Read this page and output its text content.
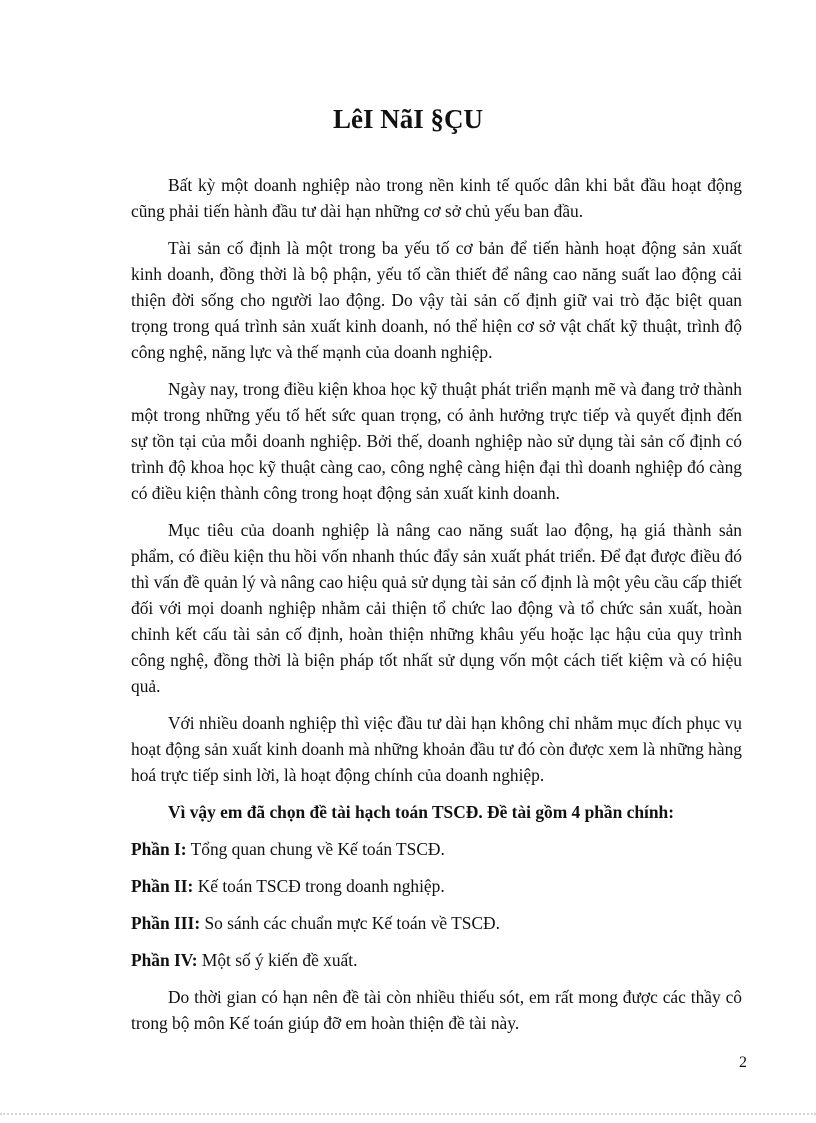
LêI NãI §ÇU

Bất kỳ một doanh nghiệp nào trong nền kinh tế quốc dân khi bắt đầu hoạt động cũng phải tiến hành đầu tư dài hạn những cơ sở chủ yếu ban đầu.

Tài sản cố định là một trong ba yếu tố cơ bản để tiến hành hoạt động sản xuất kinh doanh, đồng thời là bộ phận, yếu tố cần thiết để nâng cao năng suất lao động cải thiện đời sống cho người lao động. Do vậy tài sản cố định giữ vai trò đặc biệt quan trọng trong quá trình sản xuất kinh doanh, nó thể hiện cơ sở vật chất kỹ thuật, trình độ công nghệ, năng lực và thế mạnh của doanh nghiệp.

Ngày nay, trong điều kiện khoa học kỹ thuật phát triển mạnh mẽ và đang trở thành một trong những yếu tố hết sức quan trọng, có ảnh hưởng trực tiếp và quyết định đến sự tồn tại của mỗi doanh nghiệp. Bởi thế, doanh nghiệp nào sử dụng tài sản cố định có trình độ khoa học kỹ thuật càng cao, công nghệ càng hiện đại thì doanh nghiệp đó càng có điều kiện thành công trong hoạt động sản xuất kinh doanh.

Mục tiêu của doanh nghiệp là nâng cao năng suất lao động, hạ giá thành sản phẩm, có điều kiện thu hồi vốn nhanh thúc đẩy sản xuất phát triển. Để đạt được điều đó thì vấn đề quản lý và nâng cao hiệu quả sử dụng tài sản cố định là một yêu cầu cấp thiết đối với mọi doanh nghiệp nhằm cải thiện tổ chức lao động và tổ chức sản xuất, hoàn chỉnh kết cấu tài sản cố định, hoàn thiện những khâu yếu hoặc lạc hậu của quy trình công nghệ, đồng thời là biện pháp tốt nhất sử dụng vốn một cách tiết kiệm và có hiệu quả.

Với nhiều doanh nghiệp thì việc đầu tư dài hạn không chỉ nhằm mục đích phục vụ hoạt động sản xuất kinh doanh mà những khoản đầu tư đó còn được xem là những hàng hoá trực tiếp sinh lời, là hoạt động chính của doanh nghiệp.

Vì vậy em đã chọn đề tài hạch toán TSCĐ. Đề tài gồm 4 phần chính:

Phần I: Tổng quan chung về Kế toán TSCĐ.

Phần II: Kế toán TSCĐ trong doanh nghiệp.

Phần III: So sánh các chuẩn mực Kế toán về TSCĐ.

Phần IV: Một số ý kiến đề xuất.

Do thời gian có hạn nên đề tài còn nhiều thiếu sót, em rất mong được các thầy cô trong bộ môn Kế toán giúp đỡ em hoàn thiện đề tài này.

2
